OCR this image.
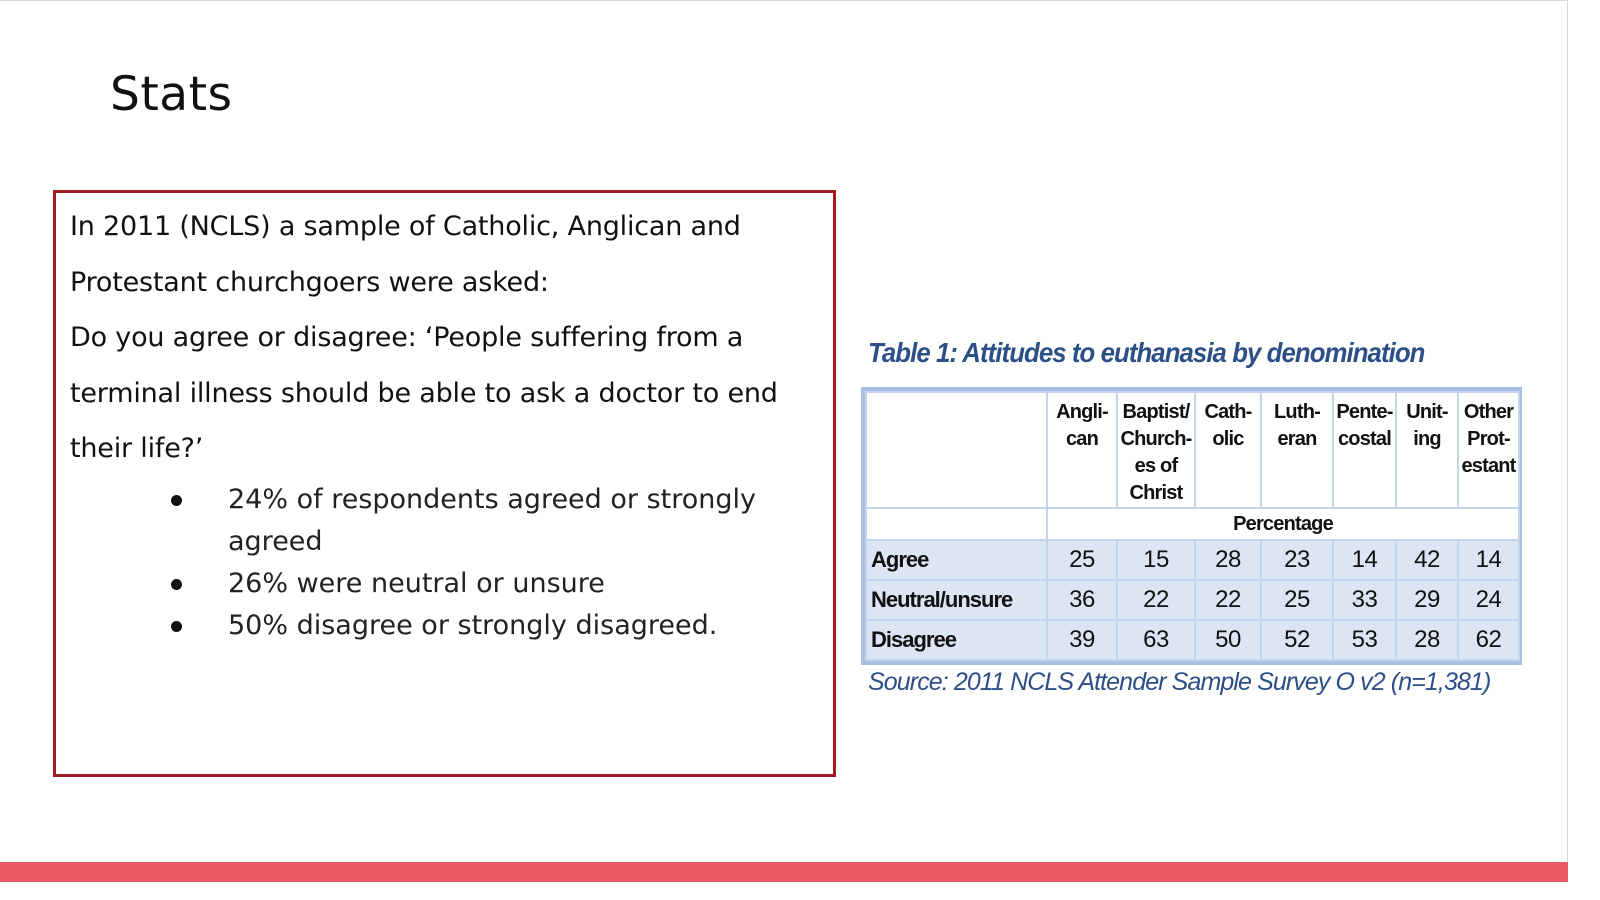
Stats

In 2011 (NCLS) a sample of Catholic, Anglican and
Protestant churchgoers were asked:
Do you agree or disagree: ‘People suffering from a
terminal illness should be able to ask a doctor to end
their life?’

24% of respondents agreed or strongly agreed
26% were neutral or unsure
50% disagree or strongly disagreed.
Table 1: Attitudes to euthanasia by denomination
	Angli-can	Baptist/ Church-es of Christ	Cath-olic	Luth-eran	Pente-costal	Unit-ing	Other Prot-estant
	Percentage						
Agree	25	15	28	23	14	42	14
Neutral/unsure	36	22	22	25	33	29	24
Disagree	39	63	50	52	53	28	62

Source: 2011 NCLS Attender Sample Survey O v2 (n=1,381)
